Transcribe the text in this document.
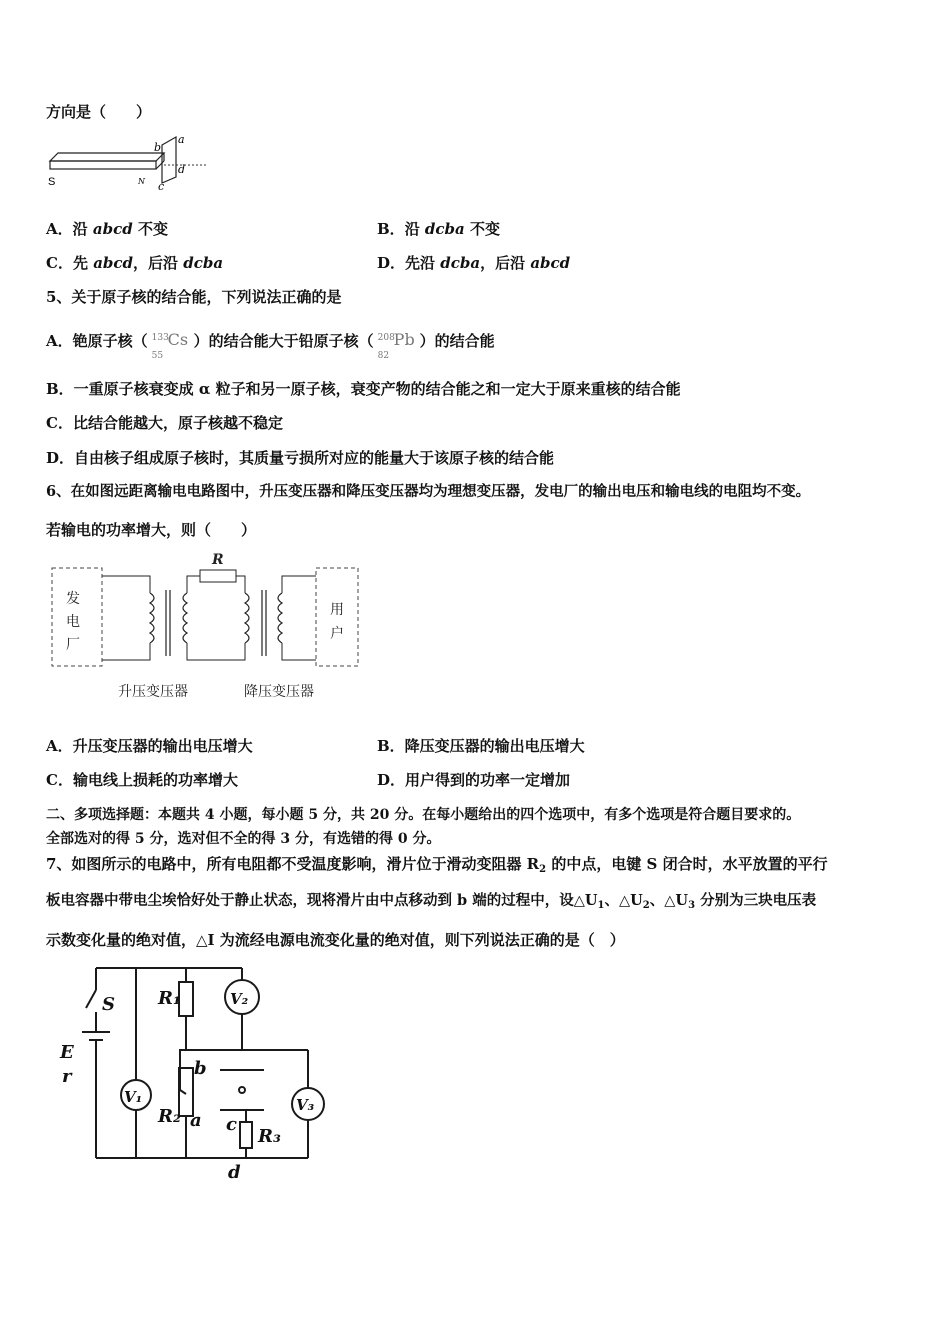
方向是（　　）
S	N
a
b
c
d
A．沿 abcd 不变	B．沿 dcba 不变
C．先 abcd，后沿 dcba	D．先沿 dcba，后沿 abcd
5、关于原子核的结合能，下列说法正确的是
A．铯原子核（ 133
55
Cs ）的结合能大于铅原子核（ 208
82
Pb ）的结合能
B．一重原子核衰变成 α 粒子和另一原子核，衰变产物的结合能之和一定大于原来重核的结合能
C．比结合能越大，原子核越不稳定
D．自由核子组成原子核时，其质量亏损所对应的能量大于该原子核的结合能
6、在如图远距离输电电路图中，升压变压器和降压变压器均为理想变压器，发电厂的输出电压和输电线的电阻均不变。
若输电的功率增大，则（　　）
发
电
厂
R
用
户
升压变压器	降压变压器
A．升压变压器的输出电压增大	B．降压变压器的输出电压增大
C．输电线上损耗的功率增大	D．用户得到的功率一定增加
二、多项选择题：本题共 4 小题，每小题 5 分，共 20 分。在每小题给出的四个选项中，有多个选项是符合题目要求的。
全部选对的得 5 分，选对但不全的得 3 分，有选错的得 0 分。
7、如图所示的电路中，所有电阻都不受温度影响，滑片位于滑动变阻器 $R_2$ 的中点，电键 S 闭合时，水平放置的平行
板电容器中带电尘埃恰好处于静止状态，现将滑片由中点移动到 b 端的过程中，设$\triangle U_1$、$\triangle U_2$、$\triangle U_3$ 分别为三块电压表
示数变化量的绝对值，△I 为流经电源电流变化量的绝对值，则下列说法正确的是（　）
S
E
r
R₁
R₂
R₃
a
b
c
d
V₁
V₂
V₃
